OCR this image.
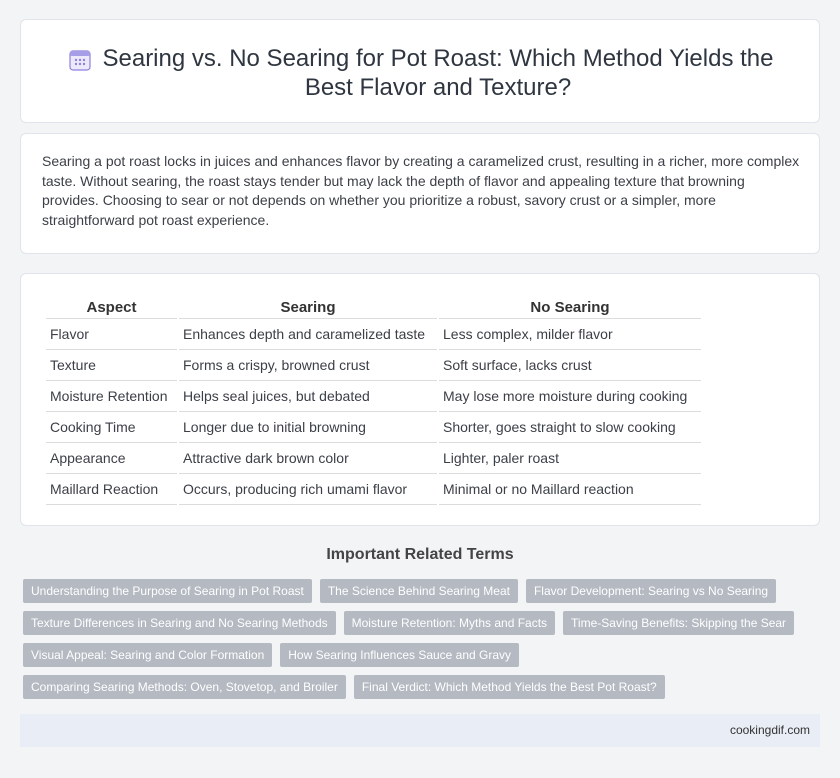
Searing vs. No Searing for Pot Roast: Which Method Yields the Best Flavor and Texture?

Searing a pot roast locks in juices and enhances flavor by creating a caramelized crust, resulting in a richer, more complex taste. Without searing, the roast stays tender but may lack the depth of flavor and appealing texture that browning provides. Choosing to sear or not depends on whether you prioritize a robust, savory crust or a simpler, more straightforward pot roast experience.

Aspect	Searing	No Searing
Flavor	Enhances depth and caramelized taste	Less complex, milder flavor
Texture	Forms a crispy, browned crust	Soft surface, lacks crust
Moisture Retention	Helps seal juices, but debated	May lose more moisture during cooking
Cooking Time	Longer due to initial browning	Shorter, goes straight to slow cooking
Appearance	Attractive dark brown color	Lighter, paler roast
Maillard Reaction	Occurs, producing rich umami flavor	Minimal or no Maillard reaction
Important Related Terms
Understanding the Purpose of Searing in Pot Roast	The Science Behind Searing Meat	Flavor Development: Searing vs No Searing
Texture Differences in Searing and No Searing Methods	Moisture Retention: Myths and Facts	Time-Saving Benefits: Skipping the Sear
Visual Appeal: Searing and Color Formation	How Searing Influences Sauce and Gravy
Comparing Searing Methods: Oven, Stovetop, and Broiler	Final Verdict: Which Method Yields the Best Pot Roast?
cookingdif.com
